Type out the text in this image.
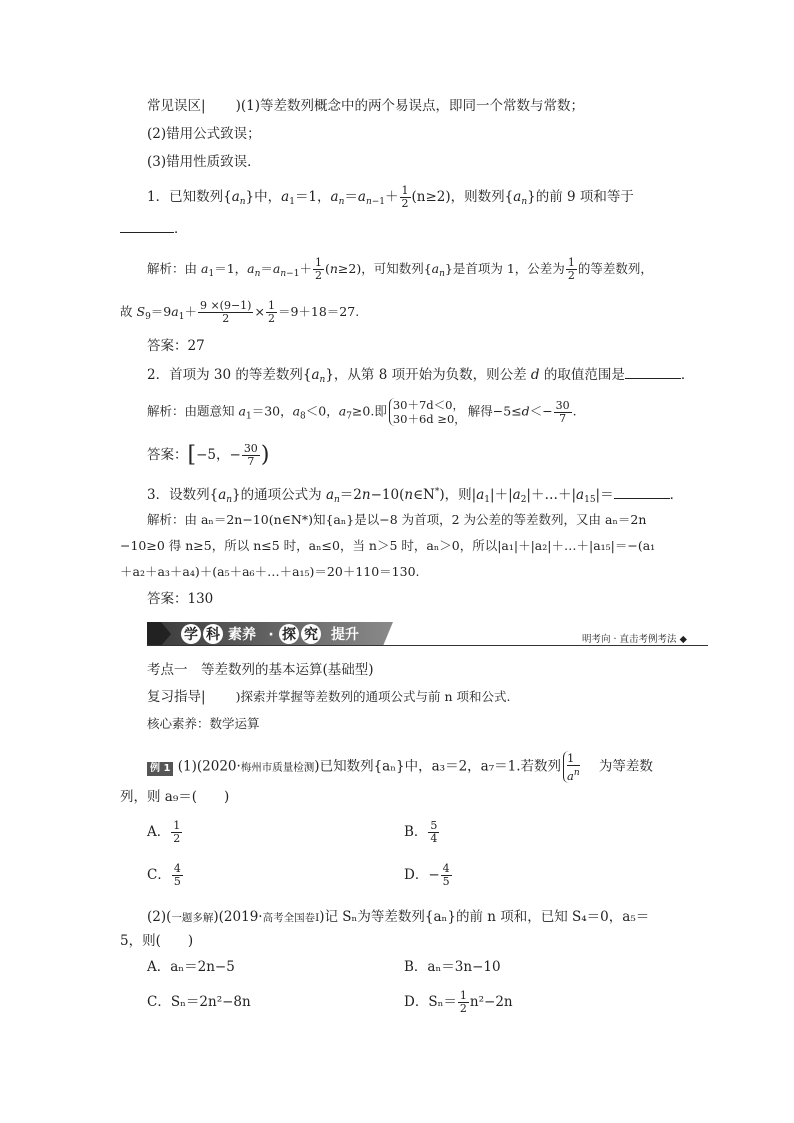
常见误区| )(1)等差数列概念中的两个易误点，即同一个常数与常数；
(2)错用公式致误；
(3)错用性质致误．
1．已知数列$\{a_n\}$中，$a_1=1$，$a_n=a_{n-1}+ \frac{1}{2} (n\ge 2)$，则数列$\{a_n\}$的前 9 项和等于
．
解析：由 $a_1=1$，$a_n=a_{n-1}+ \frac{1}{2} (n\ge 2)$，可知数列$\{a_n\}$是首项为 1，公差为 $\frac{1}{2}$ 的等差数列，
故 $S_9=9a_1+ \frac{9 \times(9-1)}{2} \times \frac{1}{2} =9+18=27$.
答案：27
2．首项为 30 的等差数列$\{a_n\}$，从第 8 项开始为负数，则公差 d 的取值范围是	．
解析：由题意知 $a_1=30$，$a_8<0$，$a_7\ge 0$.即 30＋7d＜0，
30＋6d ≥0，
解得$-5\le d<- \frac{30}{7}$ .
答案：[−5，− $\frac{30}{7}$ )
3．设数列$\{a_n\}$的通项公式为 $a_n=2n-10(n\in N^*)$，则$|a_1|+|a_2|+\dots+|a_{15}|=$	．
解析：由 aₙ＝2n−10(n∈N*)知{aₙ}是以−8 为首项，2 为公差的等差数列，又由 aₙ＝2n
−10≥0 得 n≥5，所以 n≤5 时，aₙ≤0，当 n＞5 时，aₙ＞0，所以|a₁|＋|a₂|＋…＋|a₁₅|＝−(a₁
＋a₂＋a₃＋a₄)＋(a₅＋a₆＋…＋a₁₅)＝20＋110＝130.
答案：130
学 科 素养 · 探 究 提升	明考向 · 直击考例考法 ◆
考点一　等差数列的基本运算(基础型)
复习指导| )探索并掌握等差数列的通项公式与前 n 项和公式.
核心素养：数学运算
例 1 (1)(2020·梅州市质量检测)已知数列{aₙ}中，a₃＝2，a₇＝1.若数列 $\frac{1}{a^n}$ 为等差数
列，则 a₉＝(　　)
A． $\frac{1}{2}$	B． $\frac{5}{4}$
C． $\frac{4}{5}$	D．− $\frac{4}{5}$
(2)(一题多解)(2019·高考全国卷Ⅰ)记 Sₙ为等差数列{aₙ}的前 n 项和，已知 S₄＝0，a₅＝
5，则(　　)
A．aₙ＝2n−5	B．aₙ＝3n−10
C．Sₙ＝2n²−8n	D．$S_n= \frac{1}{2} n^2-2n$
